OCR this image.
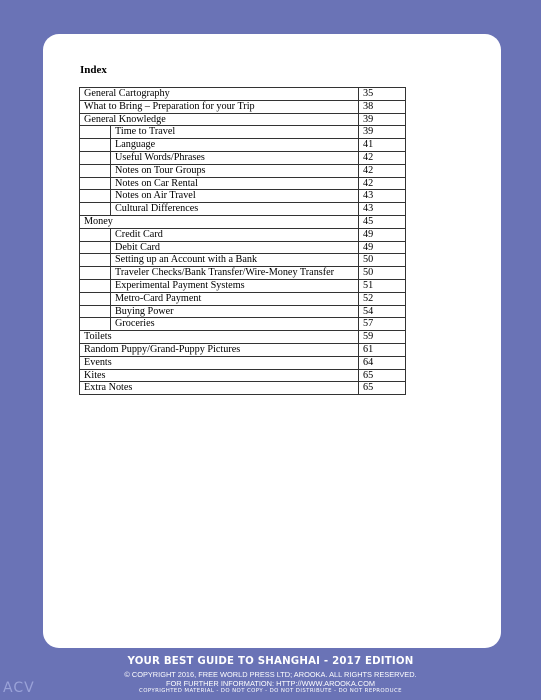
Index
General Cartography		35
What to Bring – Preparation for your Trip		38
General Knowledge		39
	Time to Travel	39
	Language	41
	Useful Words/Phrases	42
	Notes on Tour Groups	42
	Notes on Car Rental	42
	Notes on Air Travel	43
	Cultural Differences	43
Money		45
	Credit Card	49
	Debit Card	49
	Setting up an Account with a Bank	50
	Traveler Checks/Bank Transfer/Wire-Money Transfer	50
	Experimental Payment Systems	51
	Metro-Card Payment	52
	Buying Power	54
	Groceries	57
Toilets		59
Random Puppy/Grand-Puppy Pictures		61
Events		64
Kites		65
Extra Notes		65
YOUR BEST GUIDE TO SHANGHAI - 2017 EDITION
© COPYRIGHT 2016, FREE WORLD PRESS LTD; AROOKA. ALL RIGHTS RESERVED.
FOR FURTHER INFORMATION: HTTP://WWW.AROOKA.COM
COPYRIGHTED MATERIAL - DO NOT COPY - DO NOT DISTRIBUTE - DO NOT REPRODUCE
ACV
